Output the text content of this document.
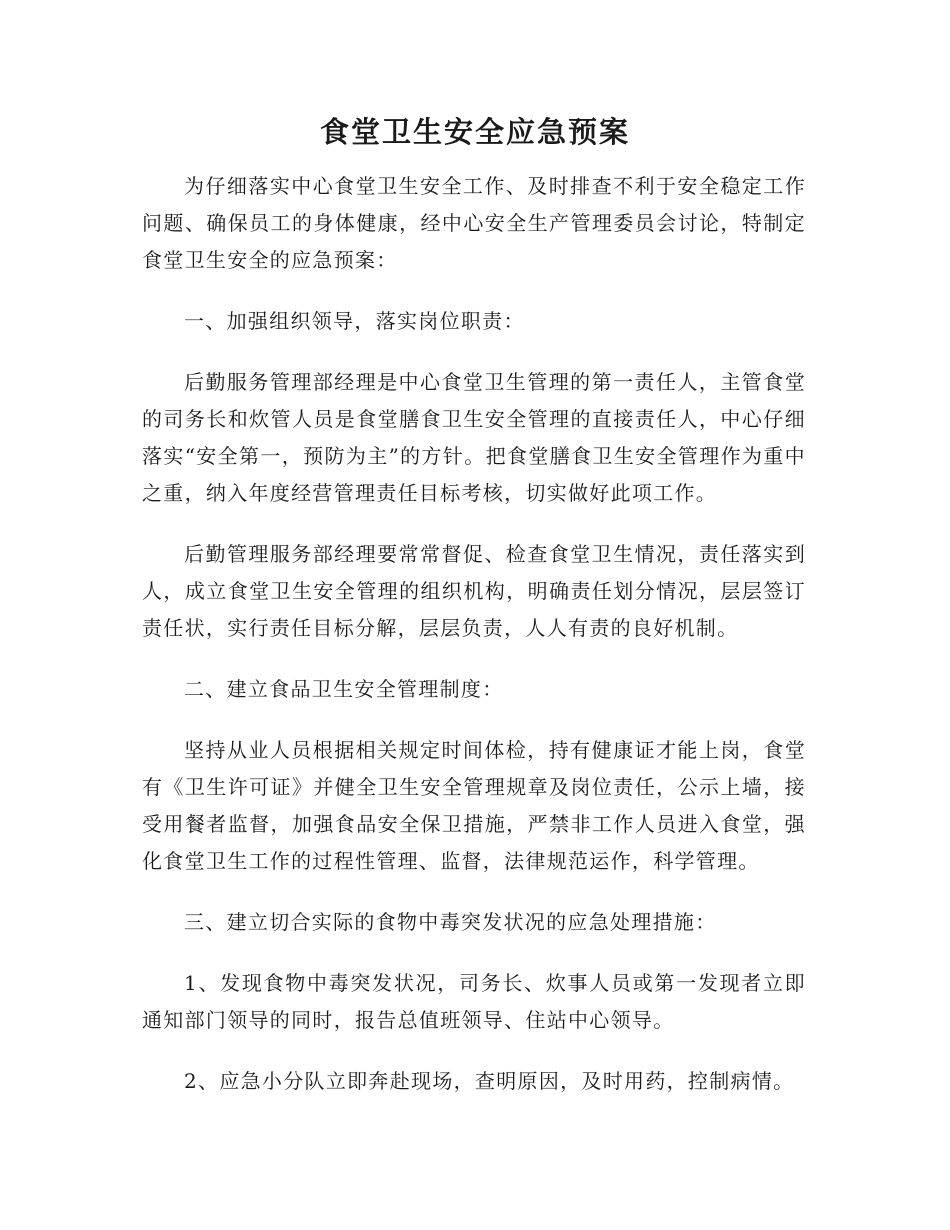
食堂卫生安全应急预案

为仔细落实中心食堂卫生安全工作、及时排查不利于安全稳定工作问题、确保员工的身体健康，经中心安全生产管理委员会讨论，特制定食堂卫生安全的应急预案：

一、加强组织领导，落实岗位职责：

后勤服务管理部经理是中心食堂卫生管理的第一责任人，主管食堂的司务长和炊管人员是食堂膳食卫生安全管理的直接责任人，中心仔细落实“安全第一，预防为主”的方针。把食堂膳食卫生安全管理作为重中之重，纳入年度经营管理责任目标考核，切实做好此项工作。

后勤管理服务部经理要常常督促、检查食堂卫生情况，责任落实到人，成立食堂卫生安全管理的组织机构，明确责任划分情况，层层签订责任状，实行责任目标分解，层层负责，人人有责的良好机制。

二、建立食品卫生安全管理制度：

坚持从业人员根据相关规定时间体检，持有健康证才能上岗，食堂有《卫生许可证》并健全卫生安全管理规章及岗位责任，公示上墙，接受用餐者监督，加强食品安全保卫措施，严禁非工作人员进入食堂，强化食堂卫生工作的过程性管理、监督，法律规范运作，科学管理。

三、建立切合实际的食物中毒突发状况的应急处理措施：

1、发现食物中毒突发状况，司务长、炊事人员或第一发现者立即通知部门领导的同时，报告总值班领导、住站中心领导。

2、应急小分队立即奔赴现场，查明原因，及时用药，控制病情。
